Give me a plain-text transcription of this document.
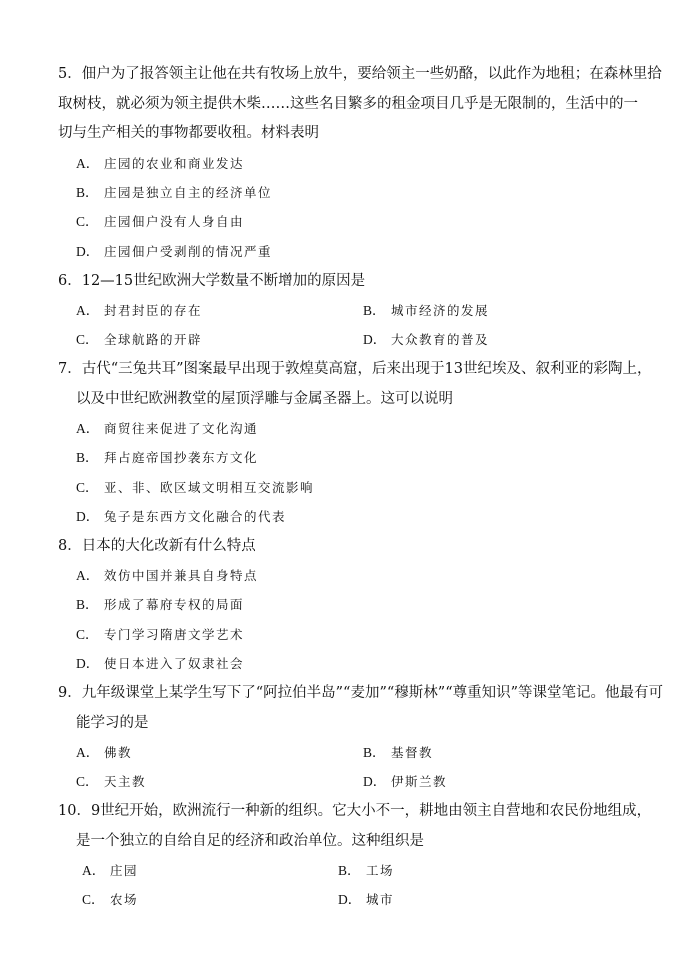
5．佃户为了报答领主让他在共有牧场上放牛，要给领主一些奶酪，以此作为地租；在森林里拾
取树枝，就必须为领主提供木柴……这些名目繁多的租金项目几乎是无限制的，生活中的一
切与生产相关的事物都要收租。材料表明
A． 庄园的农业和商业发达
B． 庄园是独立自主的经济单位
C． 庄园佃户没有人身自由
D． 庄园佃户受剥削的情况严重
6．12—15世纪欧洲大学数量不断增加的原因是
A． 封君封臣的存在	B． 城市经济的发展
C． 全球航路的开辟	D． 大众教育的普及
7．古代“三兔共耳”图案最早出现于敦煌莫高窟，后来出现于13世纪埃及、叙利亚的彩陶上，
以及中世纪欧洲教堂的屋顶浮雕与金属圣器上。这可以说明
A． 商贸往来促进了文化沟通
B． 拜占庭帝国抄袭东方文化
C． 亚、非、欧区域文明相互交流影响
D． 兔子是东西方文化融合的代表
8．日本的大化改新有什么特点
A． 效仿中国并兼具自身特点
B． 形成了幕府专权的局面
C． 专门学习隋唐文学艺术
D． 使日本进入了奴隶社会
9．九年级课堂上某学生写下了“阿拉伯半岛”“麦加”“穆斯林”“尊重知识”等课堂笔记。他最有可
能学习的是
A． 佛教	B． 基督教
C． 天主教	D． 伊斯兰教
10．9世纪开始，欧洲流行一种新的组织。它大小不一，耕地由领主自营地和农民份地组成，
是一个独立的自给自足的经济和政治单位。这种组织是
A． 庄园	B． 工场
C． 农场	D． 城市
